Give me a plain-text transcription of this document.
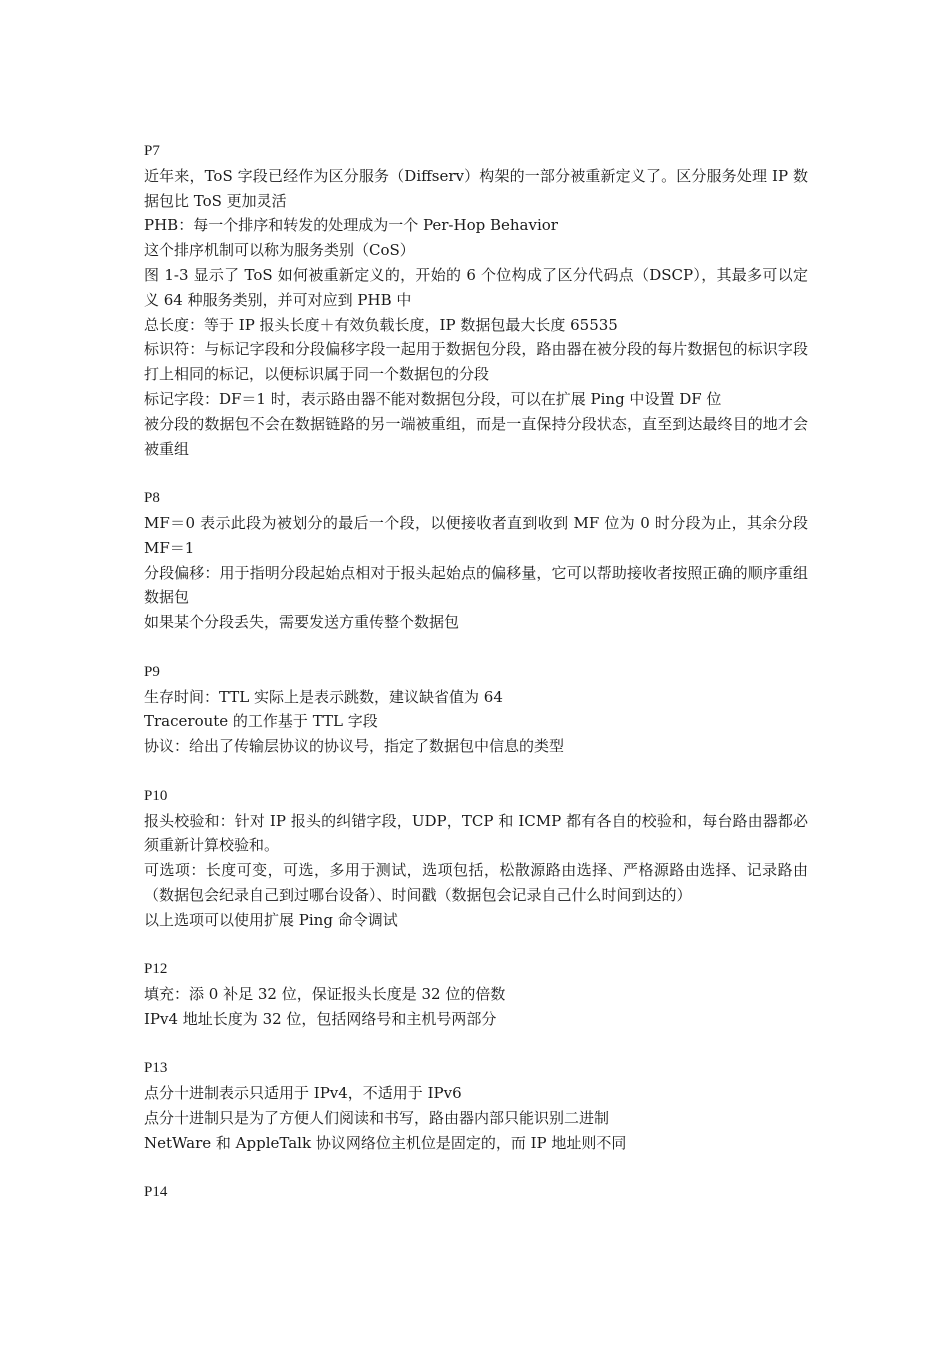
P7

近年来，ToS 字段已经作为区分服务（Diffserv）构架的一部分被重新定义了。区分服务处理 IP 数据包比 ToS 更加灵活

PHB：每一个排序和转发的处理成为一个 Per-Hop Behavior

这个排序机制可以称为服务类别（CoS）

图 1-3 显示了 ToS 如何被重新定义的，开始的 6 个位构成了区分代码点（DSCP），其最多可以定义 64 种服务类别，并可对应到 PHB 中

总长度：等于 IP 报头长度＋有效负载长度，IP 数据包最大长度 65535

标识符：与标记字段和分段偏移字段一起用于数据包分段，路由器在被分段的每片数据包的标识字段打上相同的标记，以便标识属于同一个数据包的分段

标记字段：DF＝1 时，表示路由器不能对数据包分段，可以在扩展 Ping 中设置 DF 位

被分段的数据包不会在数据链路的另一端被重组，而是一直保持分段状态，直至到达最终目的地才会被重组

P8

MF＝0 表示此段为被划分的最后一个段，以便接收者直到收到 MF 位为 0 时分段为止，其余分段 MF＝1

分段偏移：用于指明分段起始点相对于报头起始点的偏移量，它可以帮助接收者按照正确的顺序重组数据包

如果某个分段丢失，需要发送方重传整个数据包

P9

生存时间：TTL 实际上是表示跳数，建议缺省值为 64

Traceroute 的工作基于 TTL 字段

协议：给出了传输层协议的协议号，指定了数据包中信息的类型

P10

报头校验和：针对 IP 报头的纠错字段，UDP，TCP 和 ICMP 都有各自的校验和，每台路由器都必须重新计算校验和。

可选项：长度可变，可选，多用于测试，选项包括，松散源路由选择、严格源路由选择、记录路由（数据包会纪录自己到过哪台设备）、时间戳（数据包会记录自己什么时间到达的）

以上选项可以使用扩展 Ping 命令调试

P12

填充：添 0 补足 32 位，保证报头长度是 32 位的倍数

IPv4 地址长度为 32 位，包括网络号和主机号两部分

P13

点分十进制表示只适用于 IPv4，不适用于 IPv6

点分十进制只是为了方便人们阅读和书写，路由器内部只能识别二进制

NetWare 和 AppleTalk 协议网络位主机位是固定的，而 IP 地址则不同

P14
